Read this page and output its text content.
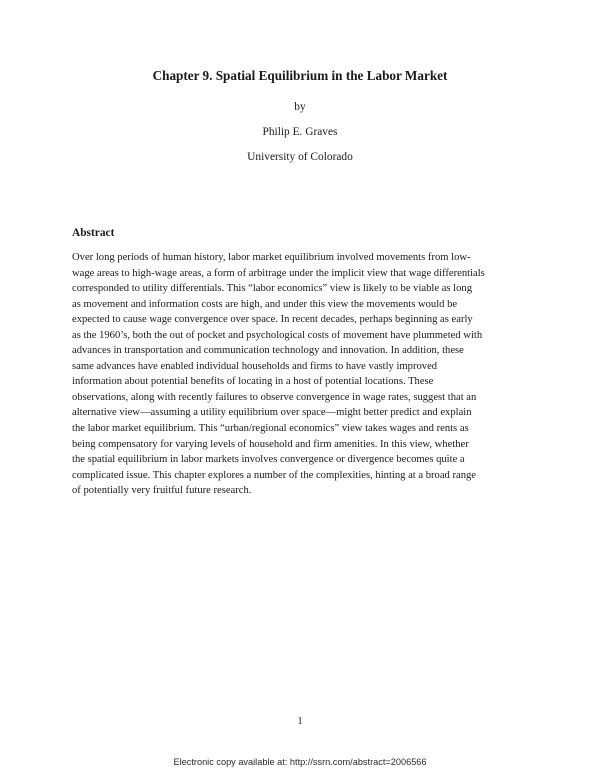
Chapter 9. Spatial Equilibrium in the Labor Market
by
Philip E. Graves
University of Colorado
Abstract
Over long periods of human history, labor market equilibrium involved movements from low-
wage areas to high-wage areas, a form of arbitrage under the implicit view that wage differentials
corresponded to utility differentials. This “labor economics” view is likely to be viable as long
as movement and information costs are high, and under this view the movements would be
expected to cause wage convergence over space. In recent decades, perhaps beginning as early
as the 1960’s, both the out of pocket and psychological costs of movement have plummeted with
advances in transportation and communication technology and innovation. In addition, these
same advances have enabled individual households and firms to have vastly improved
information about potential benefits of locating in a host of potential locations. These
observations, along with recently failures to observe convergence in wage rates, suggest that an
alternative view—assuming a utility equilibrium over space—might better predict and explain
the labor market equilibrium. This “urban/regional economics” view takes wages and rents as
being compensatory for varying levels of household and firm amenities. In this view, whether
the spatial equilibrium in labor markets involves convergence or divergence becomes quite a
complicated issue. This chapter explores a number of the complexities, hinting at a broad range
of potentially very fruitful future research.
1
Electronic copy available at: http://ssrn.com/abstract=2006566
